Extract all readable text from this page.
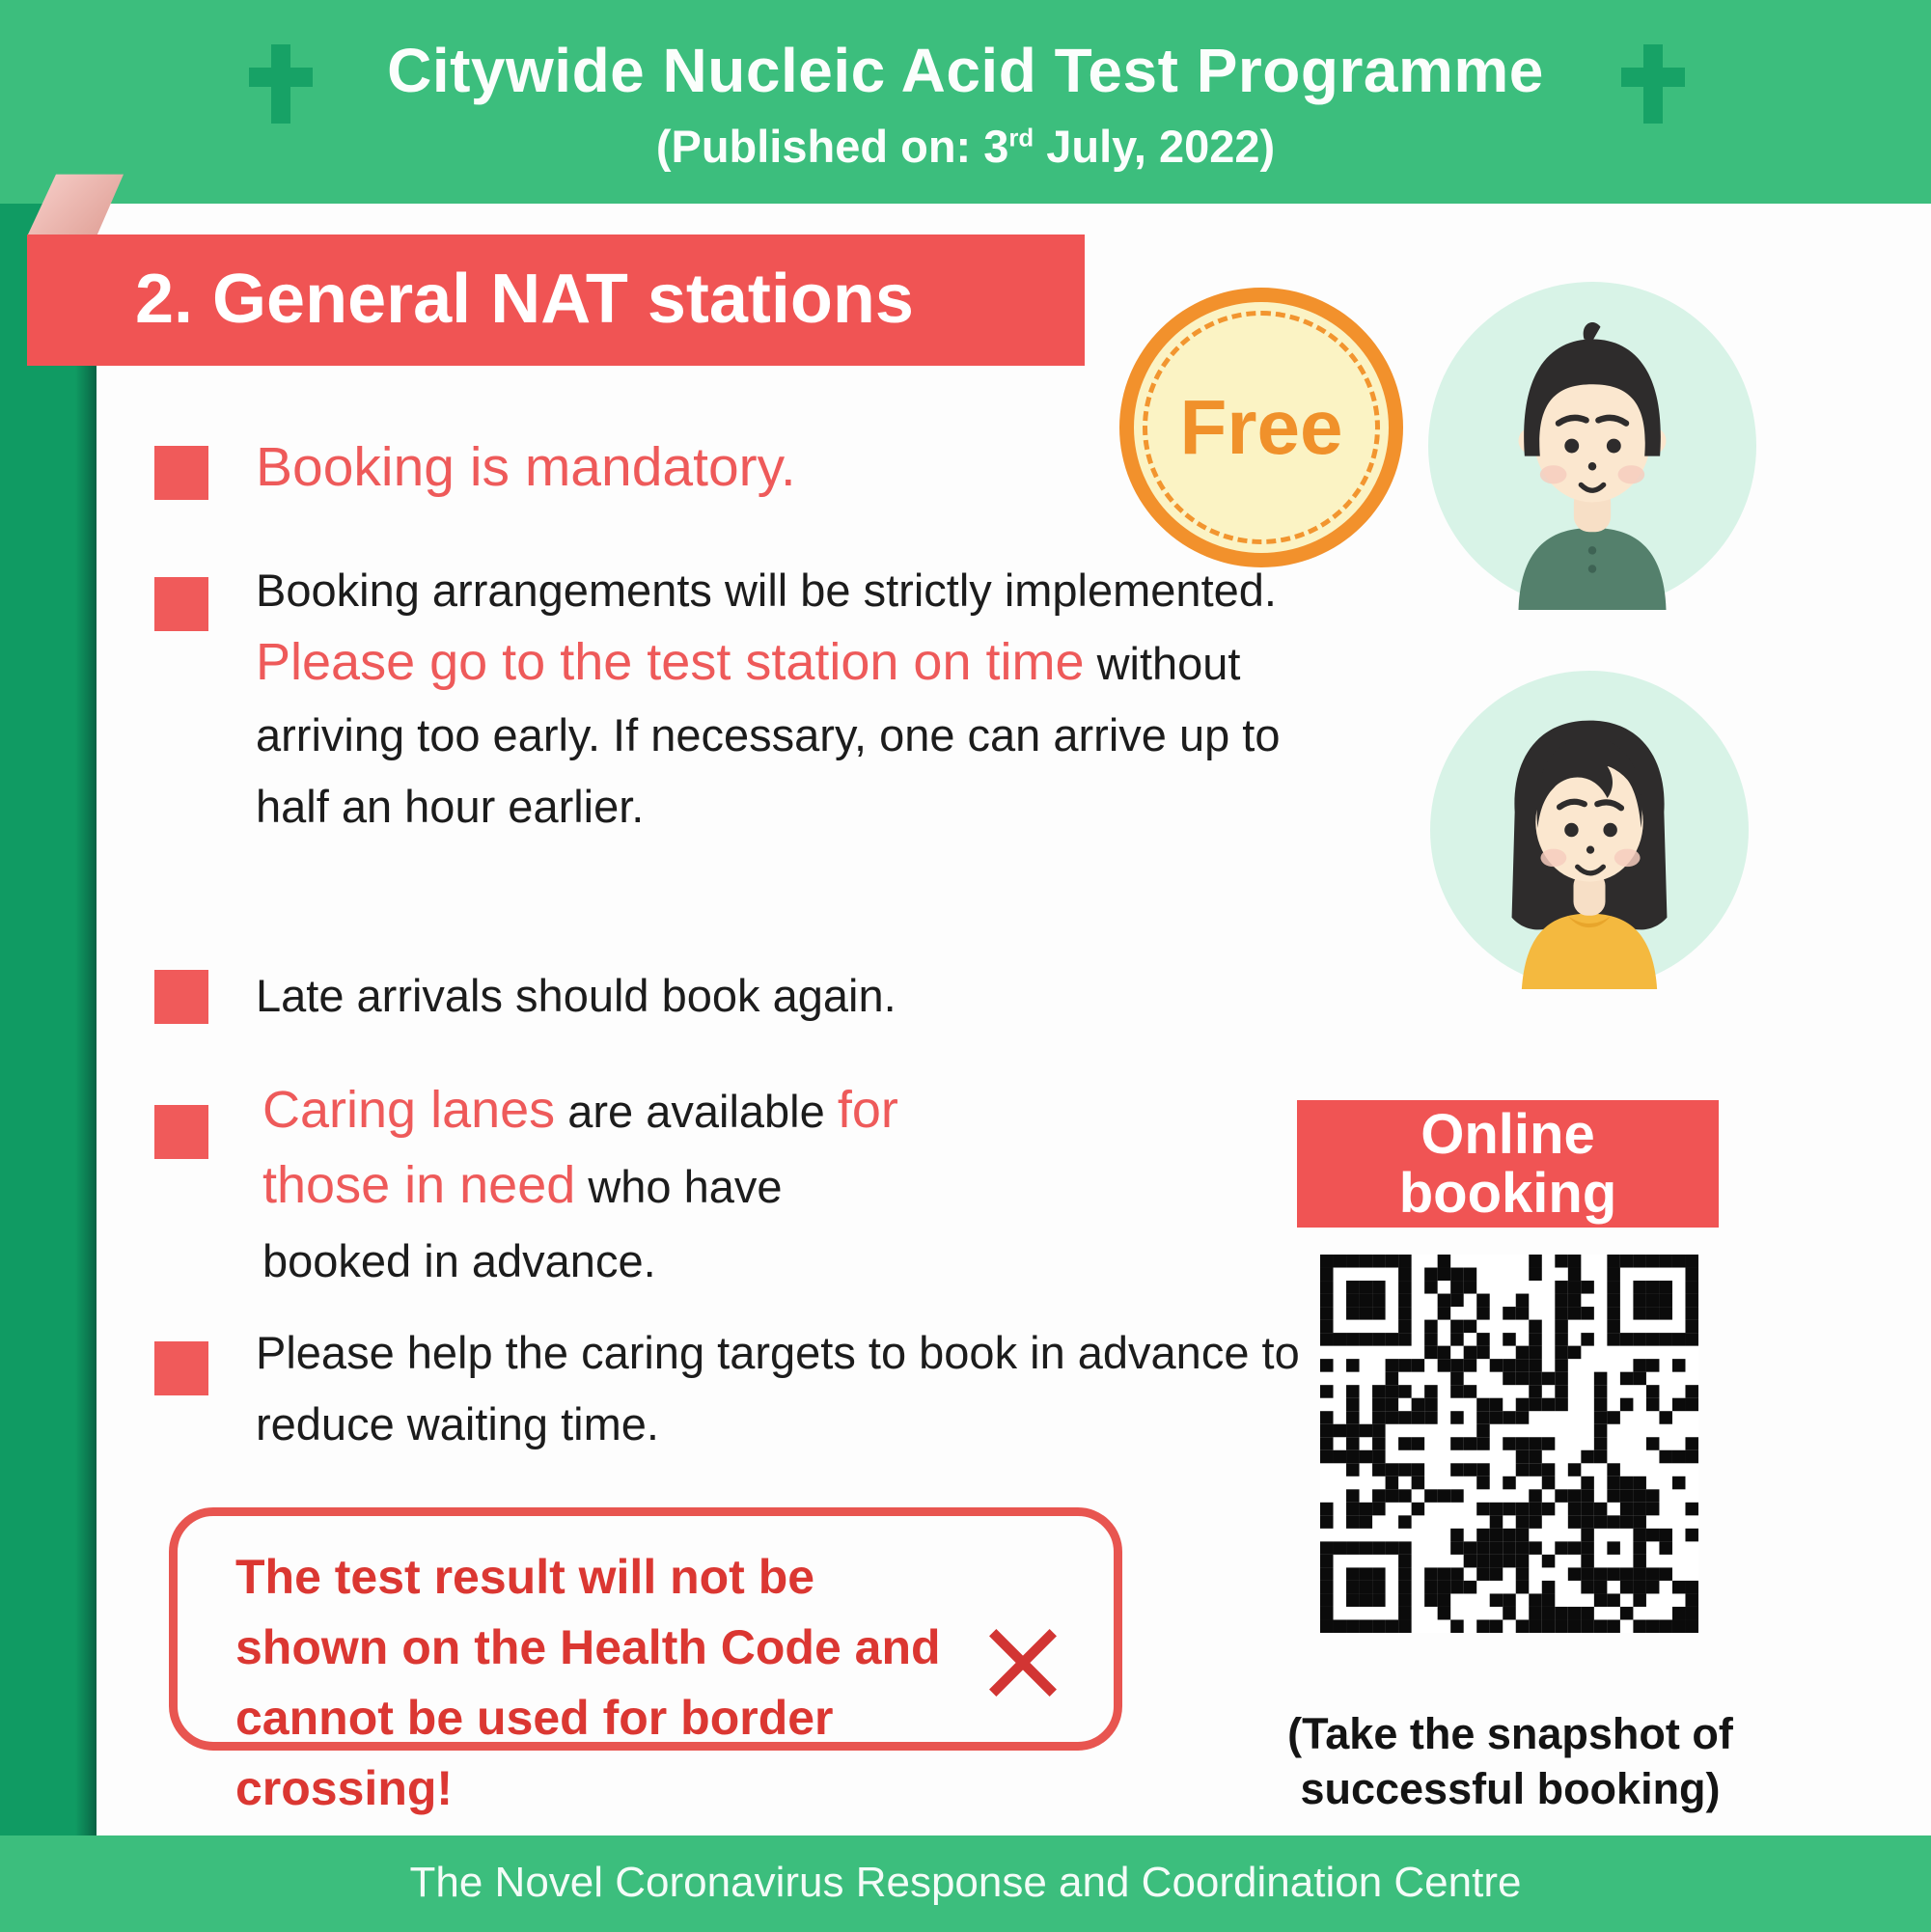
Citywide Nucleic Acid Test Programme
(Published on: 3rd July, 2022)
2. General NAT stations
Free
Booking is mandatory.
Booking arrangements will be strictly implemented. Please go to the test station on time without arriving too early. If necessary, one can arrive up to half an hour earlier.
Late arrivals should book again.
Caring lanes are available for those in need who have booked in advance.
Please help the caring targets to book in advance to reduce waiting time.
The test result will not be shown on the Health Code and cannot be used for border crossing!
Online
booking
(Take the snapshot of
successful booking)
The Novel Coronavirus Response and Coordination Centre
